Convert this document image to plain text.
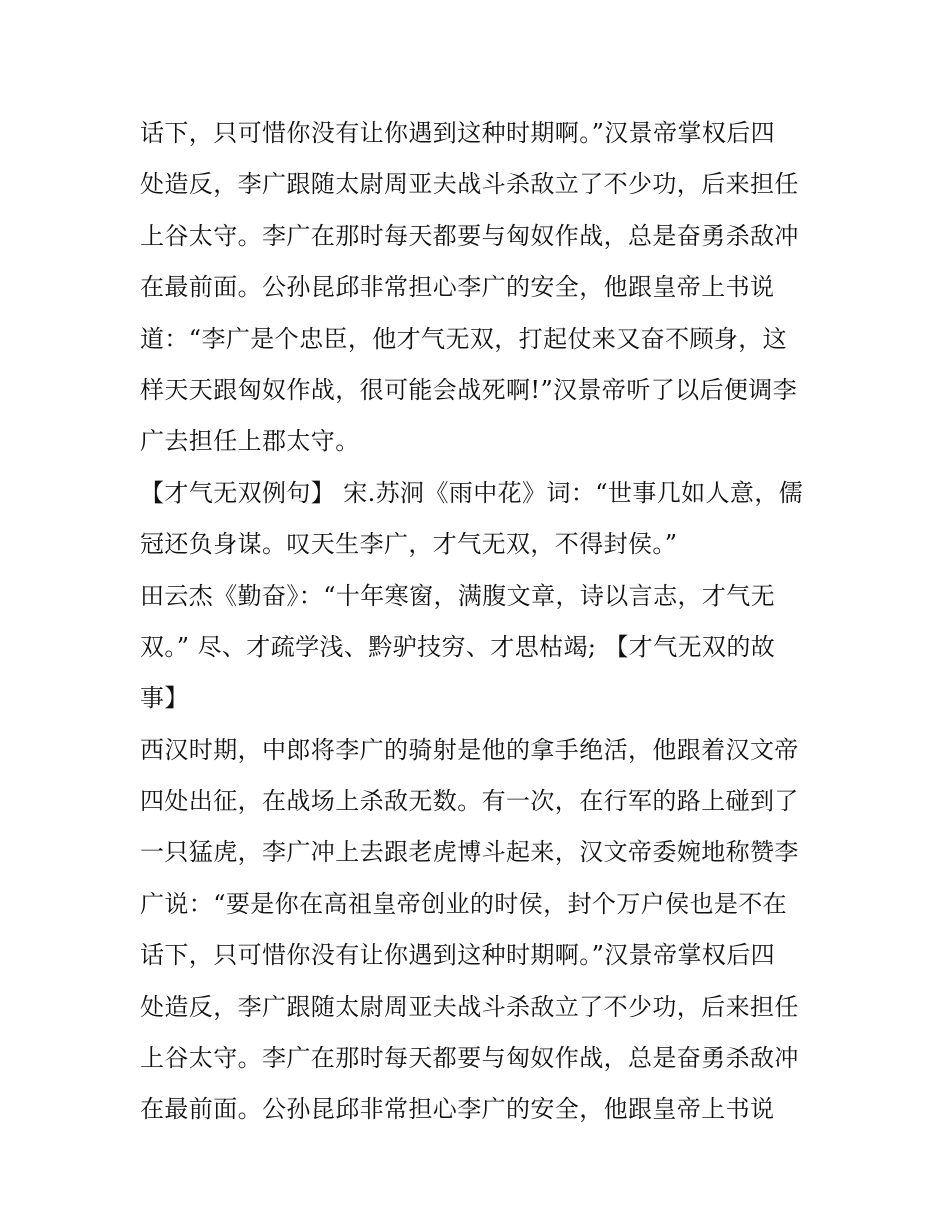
话下，只可惜你没有让你遇到这种时期啊。”汉景帝掌权后四
处造反，李广跟随太尉周亚夫战斗杀敌立了不少功，后来担任
上谷太守。李广在那时每天都要与匈奴作战，总是奋勇杀敌冲
在最前面。公孙昆邱非常担心李广的安全，他跟皇帝上书说
道：“李广是个忠臣，他才气无双，打起仗来又奋不顾身，这
样天天跟匈奴作战，很可能会战死啊!”汉景帝听了以后便调李
广去担任上郡太守。
【才气无双例句】 宋.苏泂《雨中花》词：“世事几如人意，儒
冠还负身谋。叹天生李广，才气无双，不得封侯。”
田云杰《勤奋》：“十年寒窗，满腹文章，诗以言志，才气无
双。” 尽、才疏学浅、黔驴技穷、才思枯竭; 【才气无双的故
事】
西汉时期，中郎将李广的骑射是他的拿手绝活，他跟着汉文帝
四处出征，在战场上杀敌无数。有一次，在行军的路上碰到了
一只猛虎，李广冲上去跟老虎博斗起来，汉文帝委婉地称赞李
广说：“要是你在高祖皇帝创业的时侯，封个万户侯也是不在
话下，只可惜你没有让你遇到这种时期啊。”汉景帝掌权后四
处造反，李广跟随太尉周亚夫战斗杀敌立了不少功，后来担任
上谷太守。李广在那时每天都要与匈奴作战，总是奋勇杀敌冲
在最前面。公孙昆邱非常担心李广的安全，他跟皇帝上书说
